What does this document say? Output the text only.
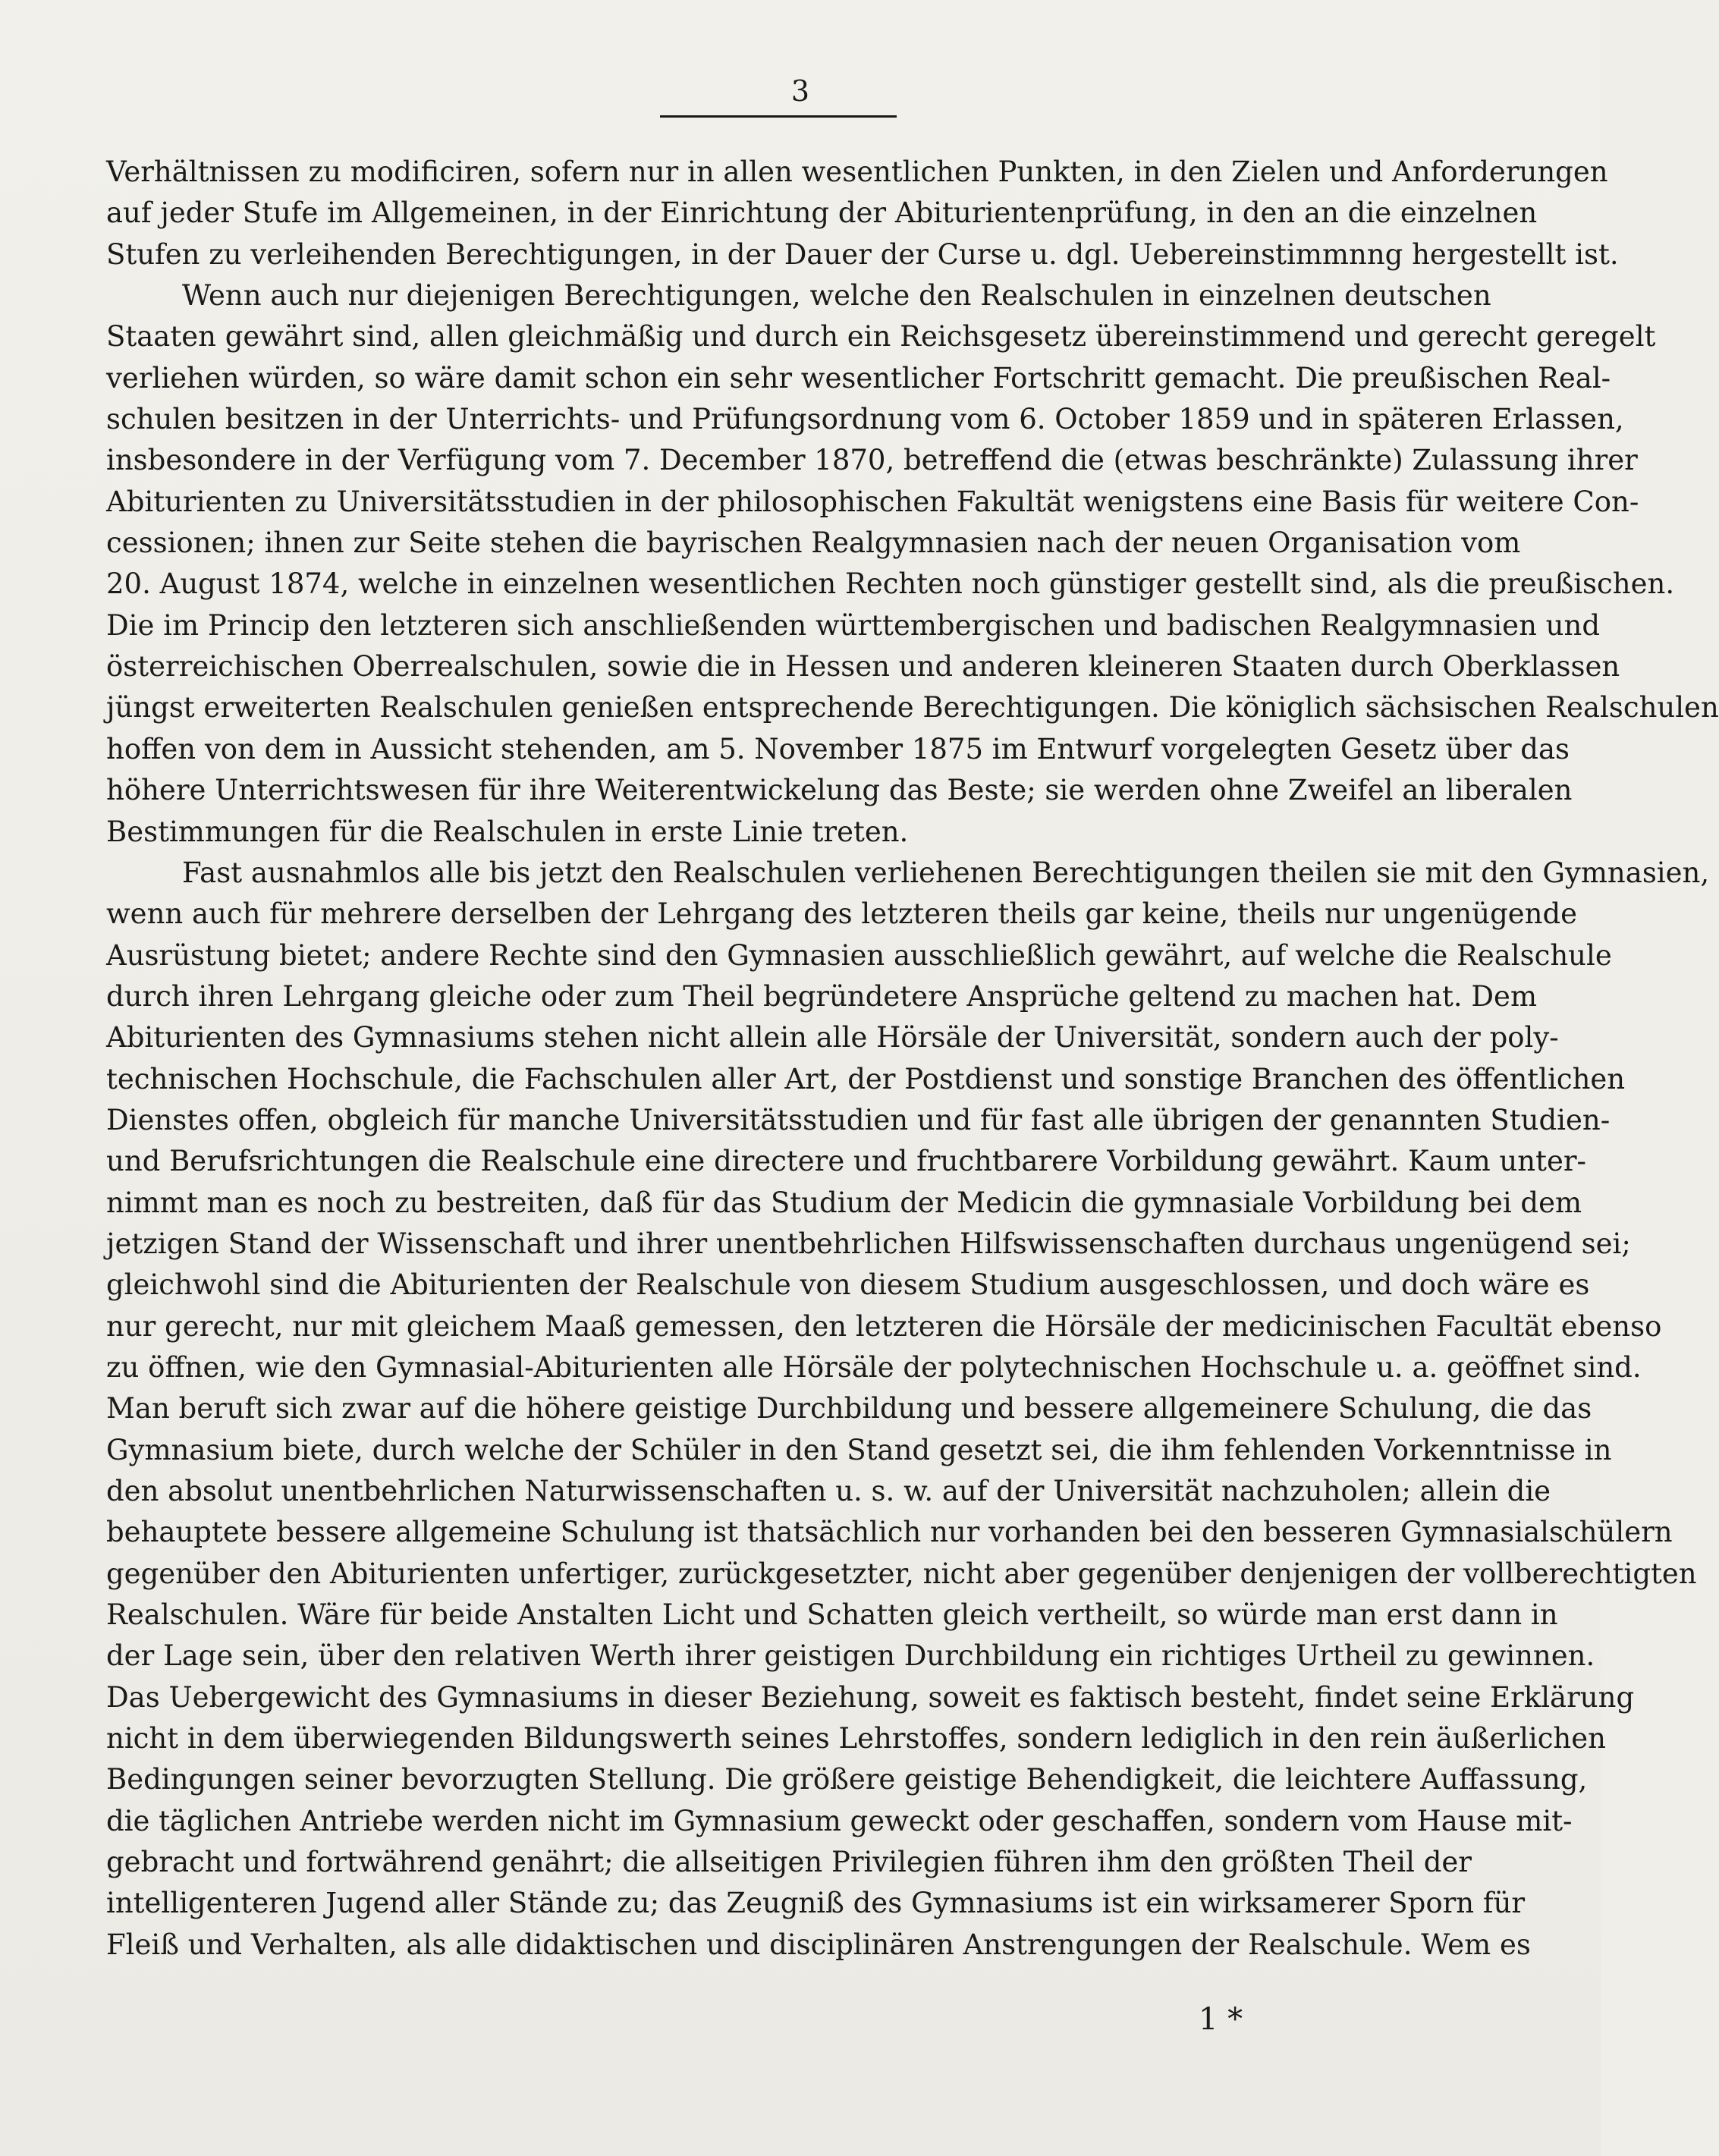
3
Verhältnissen zu modificiren, sofern nur in allen wesentlichen Punkten, in den Zielen und Anforderungen
auf jeder Stufe im Allgemeinen, in der Einrichtung der Abiturientenprüfung, in den an die einzelnen
Stufen zu verleihenden Berechtigungen, in der Dauer der Curse u. dgl. Uebereinstimmnng hergestellt ist.
Wenn auch nur diejenigen Berechtigungen, welche den Realschulen in einzelnen deutschen
Staaten gewährt sind, allen gleichmäßig und durch ein Reichsgesetz übereinstimmend und gerecht geregelt
verliehen würden, so wäre damit schon ein sehr wesentlicher Fortschritt gemacht. Die preußischen Real-
schulen besitzen in der Unterrichts- und Prüfungsordnung vom 6. October 1859 und in späteren Erlassen,
insbesondere in der Verfügung vom 7. December 1870, betreffend die (etwas beschränkte) Zulassung ihrer
Abiturienten zu Universitätsstudien in der philosophischen Fakultät wenigstens eine Basis für weitere Con-
cessionen; ihnen zur Seite stehen die bayrischen Realgymnasien nach der neuen Organisation vom
20. August 1874, welche in einzelnen wesentlichen Rechten noch günstiger gestellt sind, als die preußischen.
Die im Princip den letzteren sich anschließenden württembergischen und badischen Realgymnasien und
österreichischen Oberrealschulen, sowie die in Hessen und anderen kleineren Staaten durch Oberklassen
jüngst erweiterten Realschulen genießen entsprechende Berechtigungen. Die königlich sächsischen Realschulen
hoffen von dem in Aussicht stehenden, am 5. November 1875 im Entwurf vorgelegten Gesetz über das
höhere Unterrichtswesen für ihre Weiterentwickelung das Beste; sie werden ohne Zweifel an liberalen
Bestimmungen für die Realschulen in erste Linie treten.
Fast ausnahmlos alle bis jetzt den Realschulen verliehenen Berechtigungen theilen sie mit den Gymnasien,
wenn auch für mehrere derselben der Lehrgang des letzteren theils gar keine, theils nur ungenügende
Ausrüstung bietet; andere Rechte sind den Gymnasien ausschließlich gewährt, auf welche die Realschule
durch ihren Lehrgang gleiche oder zum Theil begründetere Ansprüche geltend zu machen hat. Dem
Abiturienten des Gymnasiums stehen nicht allein alle Hörsäle der Universität, sondern auch der poly-
technischen Hochschule, die Fachschulen aller Art, der Postdienst und sonstige Branchen des öffentlichen
Dienstes offen, obgleich für manche Universitätsstudien und für fast alle übrigen der genannten Studien-
und Berufsrichtungen die Realschule eine directere und fruchtbarere Vorbildung gewährt. Kaum unter-
nimmt man es noch zu bestreiten, daß für das Studium der Medicin die gymnasiale Vorbildung bei dem
jetzigen Stand der Wissenschaft und ihrer unentbehrlichen Hilfswissenschaften durchaus ungenügend sei;
gleichwohl sind die Abiturienten der Realschule von diesem Studium ausgeschlossen, und doch wäre es
nur gerecht, nur mit gleichem Maaß gemessen, den letzteren die Hörsäle der medicinischen Facultät ebenso
zu öffnen, wie den Gymnasial-Abiturienten alle Hörsäle der polytechnischen Hochschule u. a. geöffnet sind.
Man beruft sich zwar auf die höhere geistige Durchbildung und bessere allgemeinere Schulung, die das
Gymnasium biete, durch welche der Schüler in den Stand gesetzt sei, die ihm fehlenden Vorkenntnisse in
den absolut unentbehrlichen Naturwissenschaften u. s. w. auf der Universität nachzuholen; allein die
behauptete bessere allgemeine Schulung ist thatsächlich nur vorhanden bei den besseren Gymnasialschülern
gegenüber den Abiturienten unfertiger, zurückgesetzter, nicht aber gegenüber denjenigen der vollberechtigten
Realschulen. Wäre für beide Anstalten Licht und Schatten gleich vertheilt, so würde man erst dann in
der Lage sein, über den relativen Werth ihrer geistigen Durchbildung ein richtiges Urtheil zu gewinnen.
Das Uebergewicht des Gymnasiums in dieser Beziehung, soweit es faktisch besteht, findet seine Erklärung
nicht in dem überwiegenden Bildungswerth seines Lehrstoffes, sondern lediglich in den rein äußerlichen
Bedingungen seiner bevorzugten Stellung. Die größere geistige Behendigkeit, die leichtere Auffassung,
die täglichen Antriebe werden nicht im Gymnasium geweckt oder geschaffen, sondern vom Hause mit-
gebracht und fortwährend genährt; die allseitigen Privilegien führen ihm den größten Theil der
intelligenteren Jugend aller Stände zu; das Zeugniß des Gymnasiums ist ein wirksamerer Sporn für
Fleiß und Verhalten, als alle didaktischen und disciplinären Anstrengungen der Realschule. Wem es
1 *
